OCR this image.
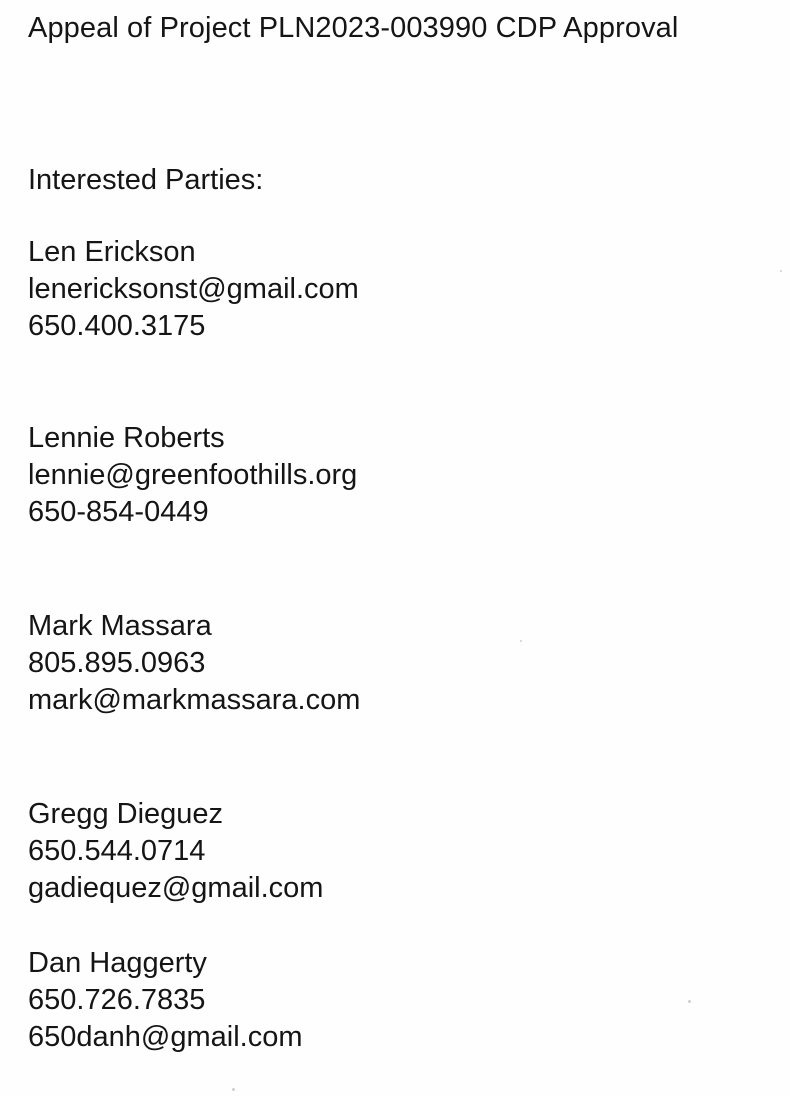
Appeal of Project PLN2023-003990 CDP Approval

Interested Parties:

Len Erickson
lenericksonst@gmail.com
650.400.3175
Lennie Roberts
lennie@greenfoothills.org
650-854-0449
Mark Massara
805.895.0963
mark@markmassara.com
Gregg Dieguez
650.544.0714
gadiequez@gmail.com
Dan Haggerty
650.726.7835
650danh@gmail.com
